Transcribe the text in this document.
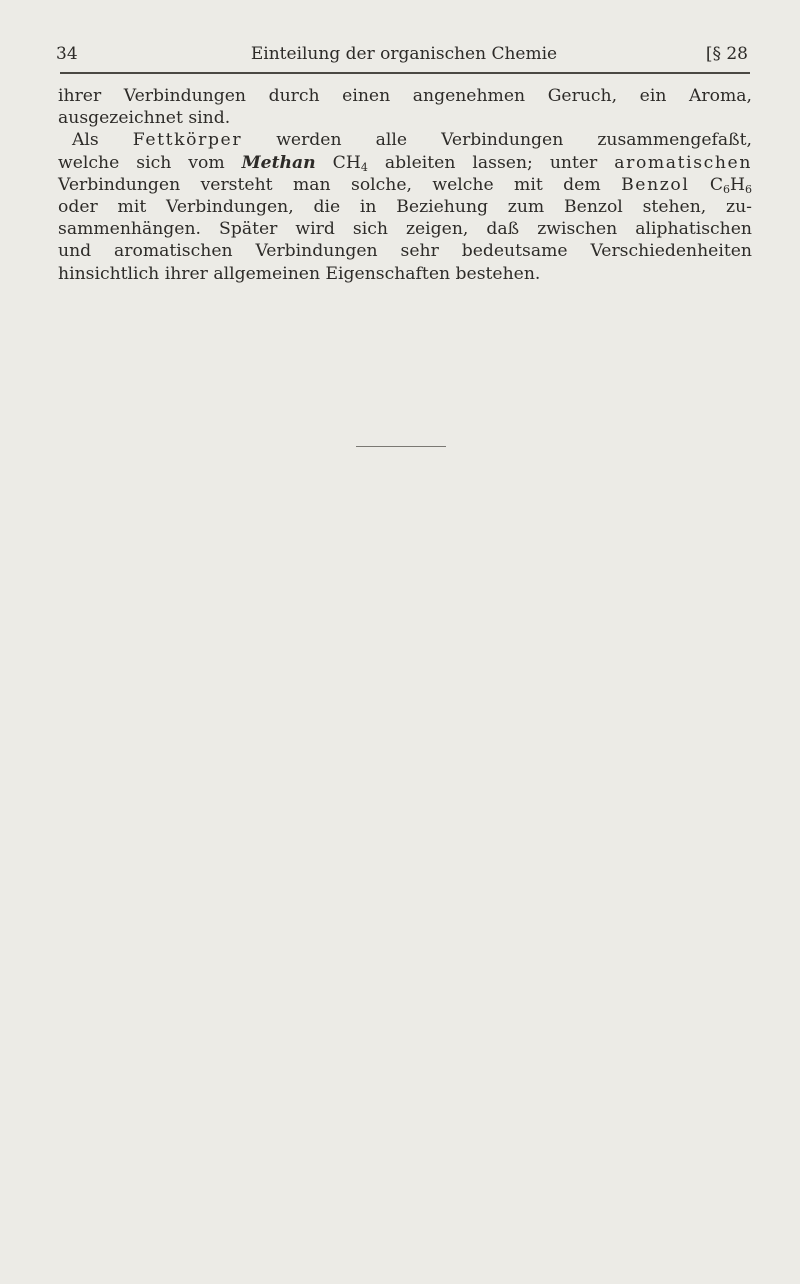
34	Einteilung der organischen Chemie	[§ 28
ihrer Verbindungen durch einen angenehmen Geruch, ein Aroma,
ausgezeichnet sind.
Als Fettkörper werden alle Verbindungen zusammengefaßt,
welche sich vom Methan $CH_4$ ableiten lassen; unter aromatischen
Verbindungen versteht man solche, welche mit dem Benzol $C_6H_6$
oder mit Verbindungen, die in Beziehung zum Benzol stehen, zu-
sammenhängen. Später wird sich zeigen, daß zwischen aliphatischen
und aromatischen Verbindungen sehr bedeutsame Verschiedenheiten
hinsichtlich ihrer allgemeinen Eigenschaften bestehen.
